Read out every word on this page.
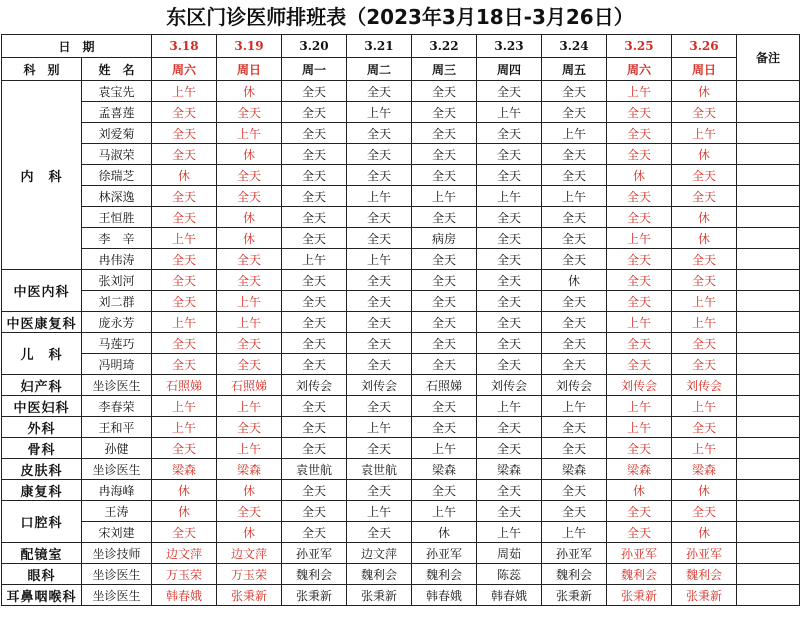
东区门诊医师排班表（2023年3月18日-3月26日）
日　期		3.18	3.19	3.20	3.21	3.22	3.23	3.24	3.25	3.26	备注
科　别	姓　名	周六	周日	周一	周二	周三	周四	周五	周六	周日	
内　科	袁宝先	上午	休	全天	全天	全天	全天	全天	上午	休	
	孟喜莲	全天	全天	全天	上午	全天	上午	全天	全天	全天	
	刘爱菊	全天	上午	全天	全天	全天	全天	上午	全天	上午	
	马淑荣	全天	休	全天	全天	全天	全天	全天	全天	休	
	徐瑞芝	休	全天	全天	全天	全天	全天	全天	休	全天	
	林深逸	全天	全天	全天	上午	上午	上午	上午	全天	全天	
	王恒胜	全天	休	全天	全天	全天	全天	全天	全天	休	
	李　辛	上午	休	全天	全天	病房	全天	全天	上午	休	
	冉伟涛	全天	全天	上午	上午	全天	全天	全天	全天	全天	
中医内科	张刘河	全天	全天	全天	全天	全天	全天	休	全天	全天	
	刘二群	全天	上午	全天	全天	全天	全天	全天	全天	上午	
中医康复科	庞永芳	上午	上午	全天	全天	全天	全天	全天	上午	上午	
儿　科	马莲巧	全天	全天	全天	全天	全天	全天	全天	全天	全天	
	冯明琦	全天	全天	全天	全天	全天	全天	全天	全天	全天	
妇产科	坐诊医生	石照娣	石照娣	刘传会	刘传会	石照娣	刘传会	刘传会	刘传会	刘传会	
中医妇科	李春荣	上午	上午	全天	全天	全天	上午	上午	上午	上午	
外科	王和平	上午	全天	全天	上午	全天	全天	全天	上午	全天	
骨科	孙健	全天	上午	全天	全天	上午	全天	全天	全天	上午	
皮肤科	坐诊医生	梁森	梁森	袁世航	袁世航	梁森	梁森	梁森	梁森	梁森	
康复科	冉海峰	休	休	全天	全天	全天	全天	全天	休	休	
口腔科	王涛	休	全天	全天	上午	上午	全天	全天	全天	全天	
	宋刘建	全天	休	全天	全天	休	上午	上午	全天	休	
配镜室	坐诊技师	边文萍	边文萍	孙亚军	边文萍	孙亚军	周茹	孙亚军	孙亚军	孙亚军	
眼科	坐诊医生	万玉荣	万玉荣	魏利会	魏利会	魏利会	陈蕊	魏利会	魏利会	魏利会	
耳鼻咽喉科	坐诊医生	韩春娥	张秉新	张秉新	张秉新	韩春娥	韩春娥	张秉新	张秉新	张秉新	
